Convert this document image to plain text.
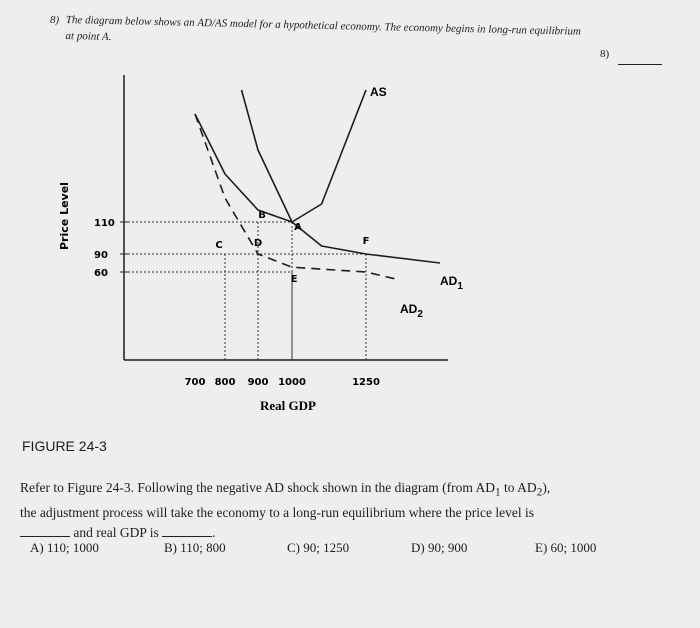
8) The diagram below shows an AD/AS model for a hypothetical economy. The economy begins in long-run equilibrium at point A.
8)
110
90
60
Price Level
700 800 900 1000	1250
Real GDP
AS
$AD_1$
$AD_2$
A
B
C	D
E
F
FIGURE 24-3
Refer to Figure 24-3. Following the negative AD shock shown in the diagram (from $AD_1$ to $AD_2$),
the adjustment process will take the economy to a long-run equilibrium where the price level is
and real GDP is	.
A) 110; 1000	B) 110; 800	C) 90; 1250	D) 90; 900	E) 60; 1000
